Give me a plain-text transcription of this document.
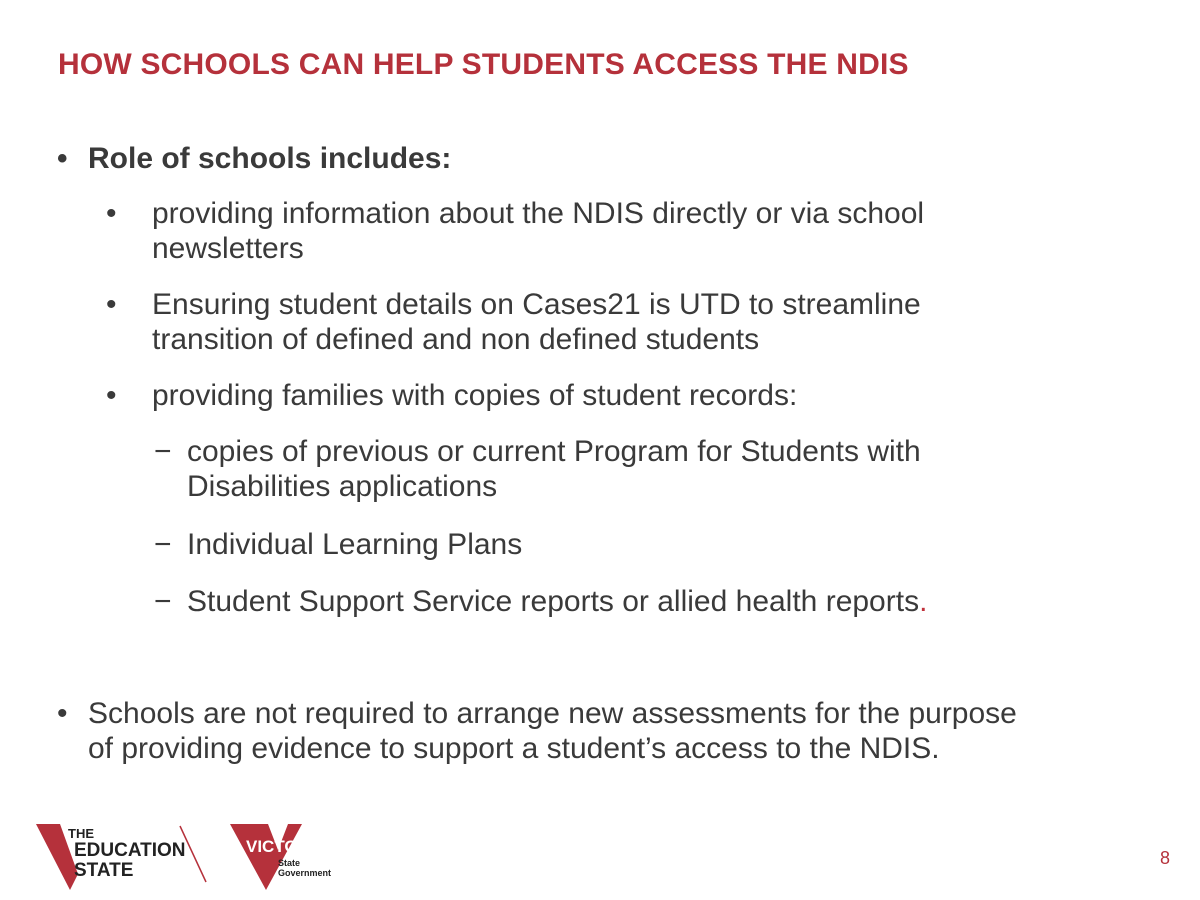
HOW SCHOOLS CAN HELP STUDENTS ACCESS THE NDIS
• Role of schools includes:
• providing information about the NDIS directly or via school
newsletters
• Ensuring student details on Cases21 is UTD to streamline
transition of defined and non defined students
• providing families with copies of student records:
− copies of previous or current Program for Students with
Disabilities applications
− Individual Learning Plans
− Student Support Service reports or allied health reports.
• Schools are not required to arrange new assessments for the purpose
of providing evidence to support a student’s access to the NDIS.
THE
EDUCATION
STATE
VICTORIA
State
Government
8
